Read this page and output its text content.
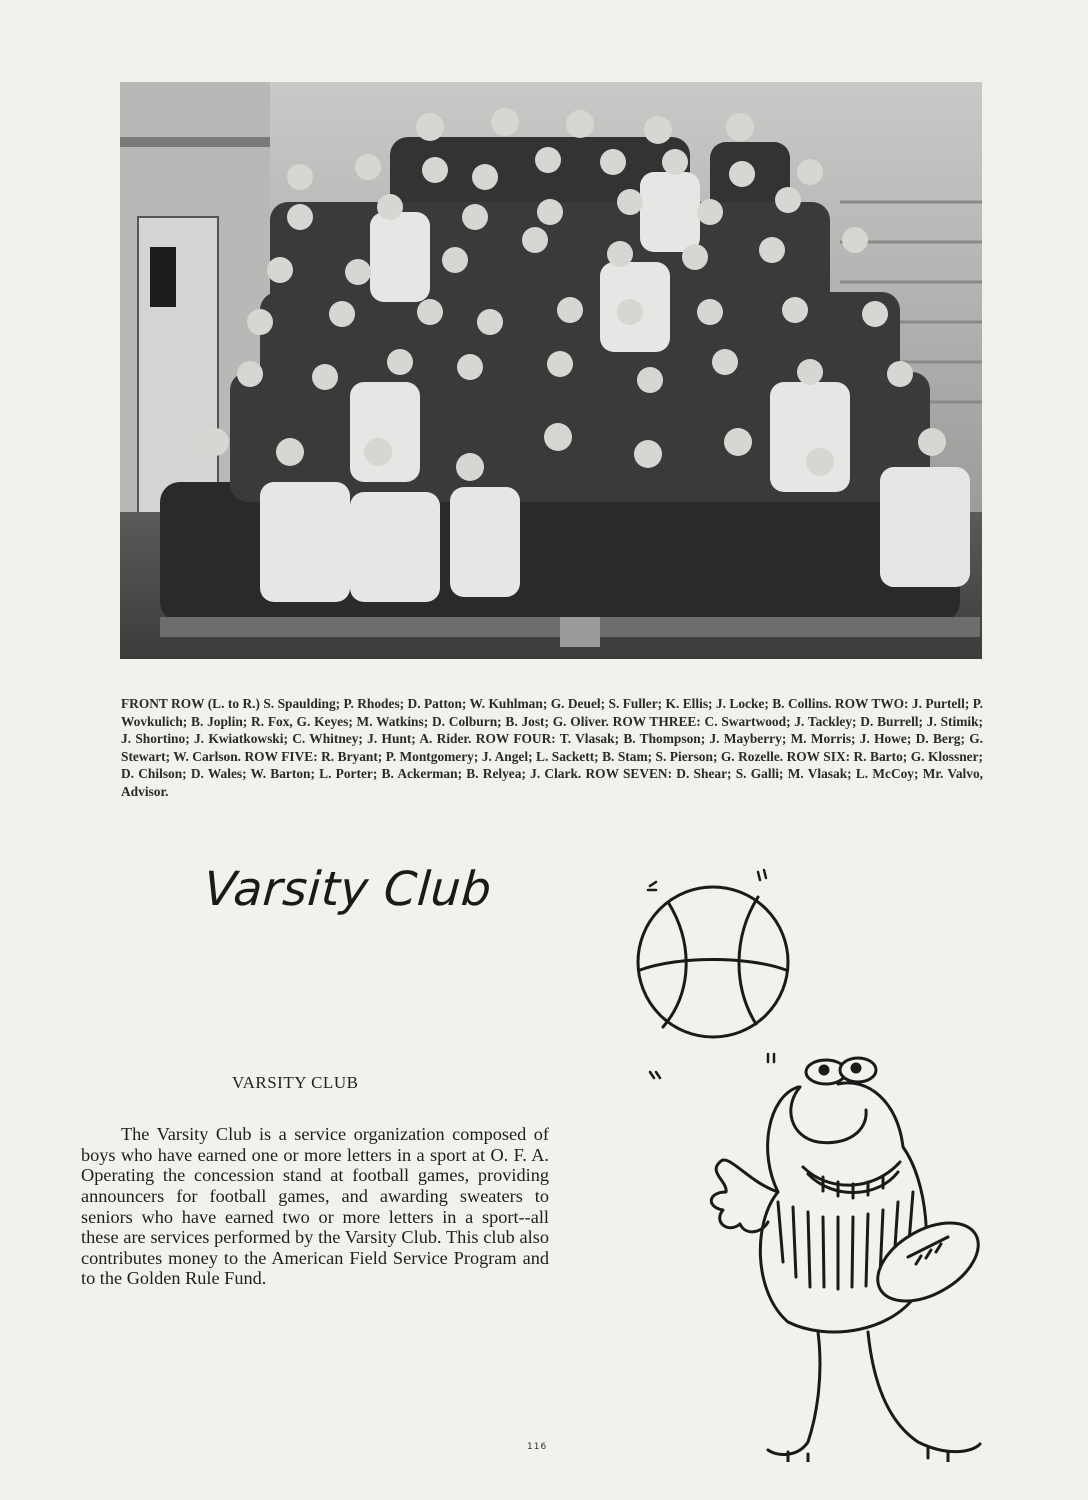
FRONT ROW (L. to R.) S. Spaulding; P. Rhodes; D. Patton; W. Kuhlman; G. Deuel; S. Fuller; K. Ellis; J. Locke; B. Collins. ROW TWO: J. Purtell; P. Wovkulich; B. Joplin; R. Fox, G. Keyes; M. Watkins; D. Colburn; B. Jost; G. Oliver. ROW THREE: C. Swartwood; J. Tackley; D. Burrell; J. Stimik; J. Shortino; J. Kwiatkowski; C. Whitney; J. Hunt; A. Rider. ROW FOUR: T. Vlasak; B. Thompson; J. Mayberry; M. Morris; J. Howe; D. Berg; G. Stewart; W. Carlson. ROW FIVE: R. Bryant; P. Montgomery; J. Angel; L. Sackett; B. Stam; S. Pierson; G. Rozelle. ROW SIX: R. Barto; G. Klossner; D. Chilson; D. Wales; W. Barton; L. Porter; B. Ackerman; B. Relyea; J. Clark. ROW SEVEN: D. Shear; S. Galli; M. Vlasak; L. McCoy; Mr. Valvo, Advisor.

Varsity Club
VARSITY CLUB

The Varsity Club is a service organization composed of boys who have earned one or more letters in a sport at O. F. A. Operating the concession stand at football games, providing announcers for football games, and awarding sweaters to seniors who have earned two or more letters in a sport--all these are services performed by the Varsity Club. This club also contributes money to the American Field Service Program and to the Golden Rule Fund.

116
